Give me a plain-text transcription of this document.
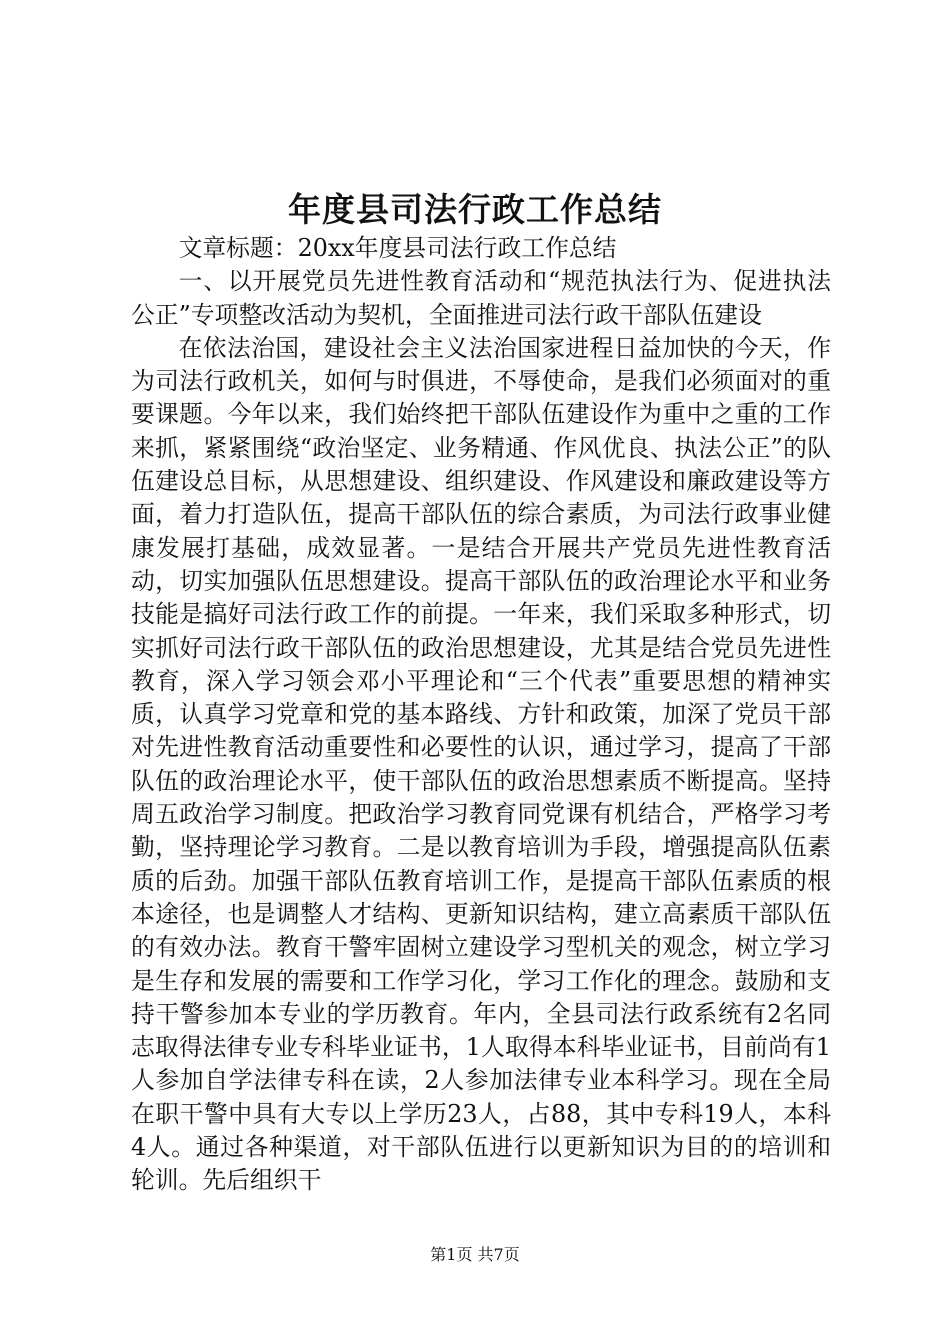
年度县司法行政工作总结

文章标题：20xx年度县司法行政工作总结

一、以开展党员先进性教育活动和“规范执法行为、促进执法公正”专项整改活动为契机，全面推进司法行政干部队伍建设

在依法治国，建设社会主义法治国家进程日益加快的今天，作为司法行政机关，如何与时俱进，不辱使命，是我们必须面对的重要课题。今年以来，我们始终把干部队伍建设作为重中之重的工作来抓，紧紧围绕“政治坚定、业务精通、作风优良、执法公正”的队伍建设总目标，从思想建设、组织建设、作风建设和廉政建设等方面，着力打造队伍，提高干部队伍的综合素质，为司法行政事业健康发展打基础，成效显著。一是结合开展共产党员先进性教育活动，切实加强队伍思想建设。提高干部队伍的政治理论水平和业务技能是搞好司法行政工作的前提。一年来，我们采取多种形式，切实抓好司法行政干部队伍的政治思想建设，尤其是结合党员先进性教育，深入学习领会邓小平理论和“三个代表”重要思想的精神实质，认真学习党章和党的基本路线、方针和政策，加深了党员干部对先进性教育活动重要性和必要性的认识，通过学习，提高了干部队伍的政治理论水平，使干部队伍的政治思想素质不断提高。坚持周五政治学习制度。把政治学习教育同党课有机结合，严格学习考勤，坚持理论学习教育。二是以教育培训为手段，增强提高队伍素质的后劲。加强干部队伍教育培训工作，是提高干部队伍素质的根本途径，也是调整人才结构、更新知识结构，建立高素质干部队伍的有效办法。教育干警牢固树立建设学习型机关的观念，树立学习是生存和发展的需要和工作学习化，学习工作化的理念。鼓励和支持干警参加本专业的学历教育。年内，全县司法行政系统有2名同志取得法律专业专科毕业证书，1人取得本科毕业证书，目前尚有1人参加自学法律专科在读，2人参加法律专业本科学习。现在全局在职干警中具有大专以上学历23人，占88，其中专科19人，本科4人。通过各种渠道，对干部队伍进行以更新知识为目的的培训和轮训。先后组织干

第1页 共7页
